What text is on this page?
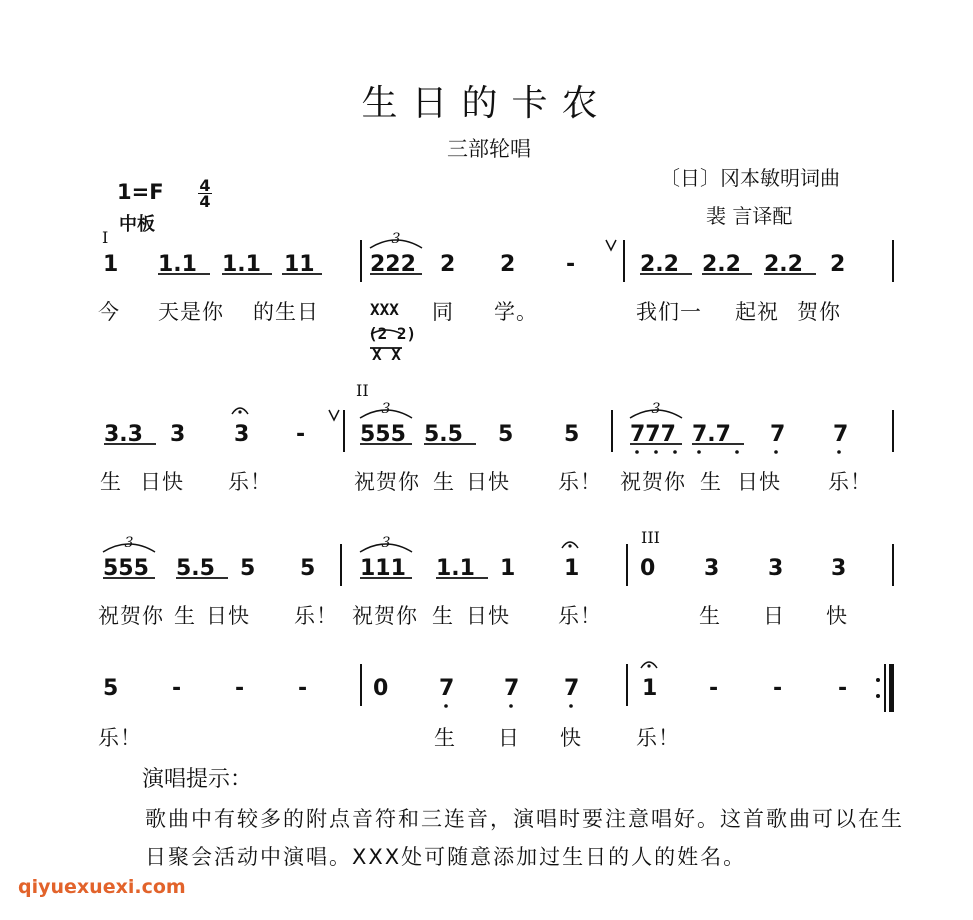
生日的卡农
三部轮唱
〔日〕冈本敏明词曲
裴 言译配
1=F 4
4
中板
I
II
III
3
3	3
3	3
1 1.1 1.1 11	222 2 2 -	2.2 2.2 2.2 2
今 天是你 的生日	XXX 同 学。	我们一 起祝 贺你
(2 2)
X X
3.3 3 3 - 555 5.5 5 5 777 7.7 7 7
生 日快 乐！	祝贺你 生 日快 乐！ 祝贺你 生 日快 乐！
555 5.5 5 5 111 1.1 1 1	0 3 3 3
祝贺你 生 日快 乐！ 祝贺你 生 日快 乐！	生 日 快
5 - - -	0 7 7 7	1 - -	-
乐！	生 日 快	乐！
演唱提示：
歌曲中有较多的附点音符和三连音，演唱时要注意唱好。这首歌曲可以在生日聚会活动中演唱。XXX处可随意添加过生日的人的姓名。
qiyuexuexi.com
